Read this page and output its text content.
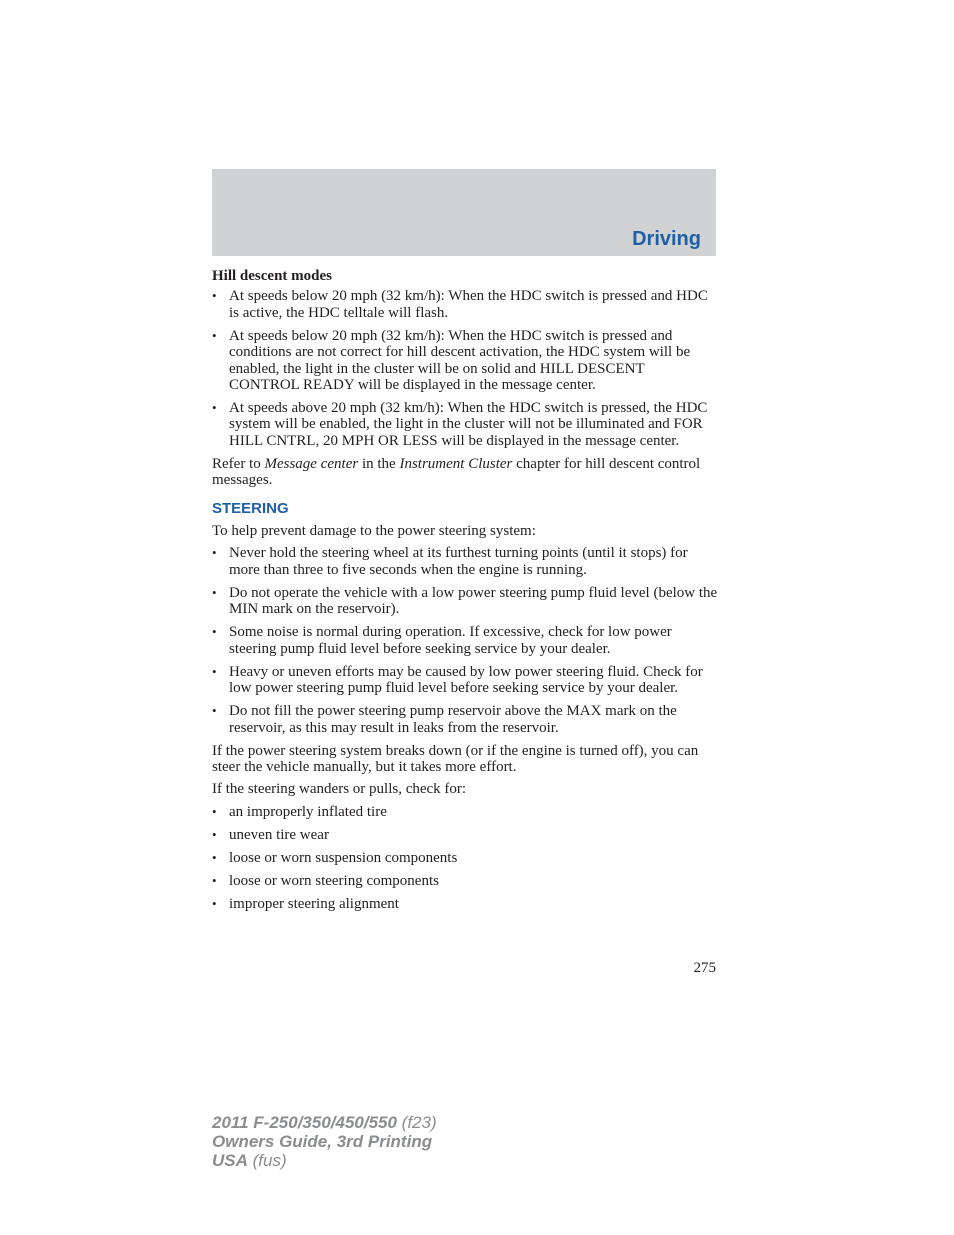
Driving
Hill descent modes
• At speeds below 20 mph (32 km/h): When the HDC switch is pressed and HDC is active, the HDC telltale will flash.
• At speeds below 20 mph (32 km/h): When the HDC switch is pressed and conditions are not correct for hill descent activation, the HDC system will be enabled, the light in the cluster will be on solid and HILL DESCENT CONTROL READY will be displayed in the message center.
• At speeds above 20 mph (32 km/h): When the HDC switch is pressed, the HDC system will be enabled, the light in the cluster will not be illuminated and FOR HILL CNTRL, 20 MPH OR LESS will be displayed in the message center.

Refer to Message center in the Instrument Cluster chapter for hill descent control messages.

STEERING

To help prevent damage to the power steering system:

• Never hold the steering wheel at its furthest turning points (until it stops) for more than three to five seconds when the engine is running.
• Do not operate the vehicle with a low power steering pump fluid level (below the MIN mark on the reservoir).
• Some noise is normal during operation. If excessive, check for low power steering pump fluid level before seeking service by your dealer.
• Heavy or uneven efforts may be caused by low power steering fluid. Check for low power steering pump fluid level before seeking service by your dealer.
• Do not fill the power steering pump reservoir above the MAX mark on the reservoir, as this may result in leaks from the reservoir.

If the power steering system breaks down (or if the engine is turned off), you can steer the vehicle manually, but it takes more effort.

If the steering wanders or pulls, check for:

• an improperly inflated tire
• uneven tire wear
• loose or worn suspension components
• loose or worn steering components
• improper steering alignment
275
2011 F-250/350/450/550 (f23)
Owners Guide, 3rd Printing
USA (fus)
